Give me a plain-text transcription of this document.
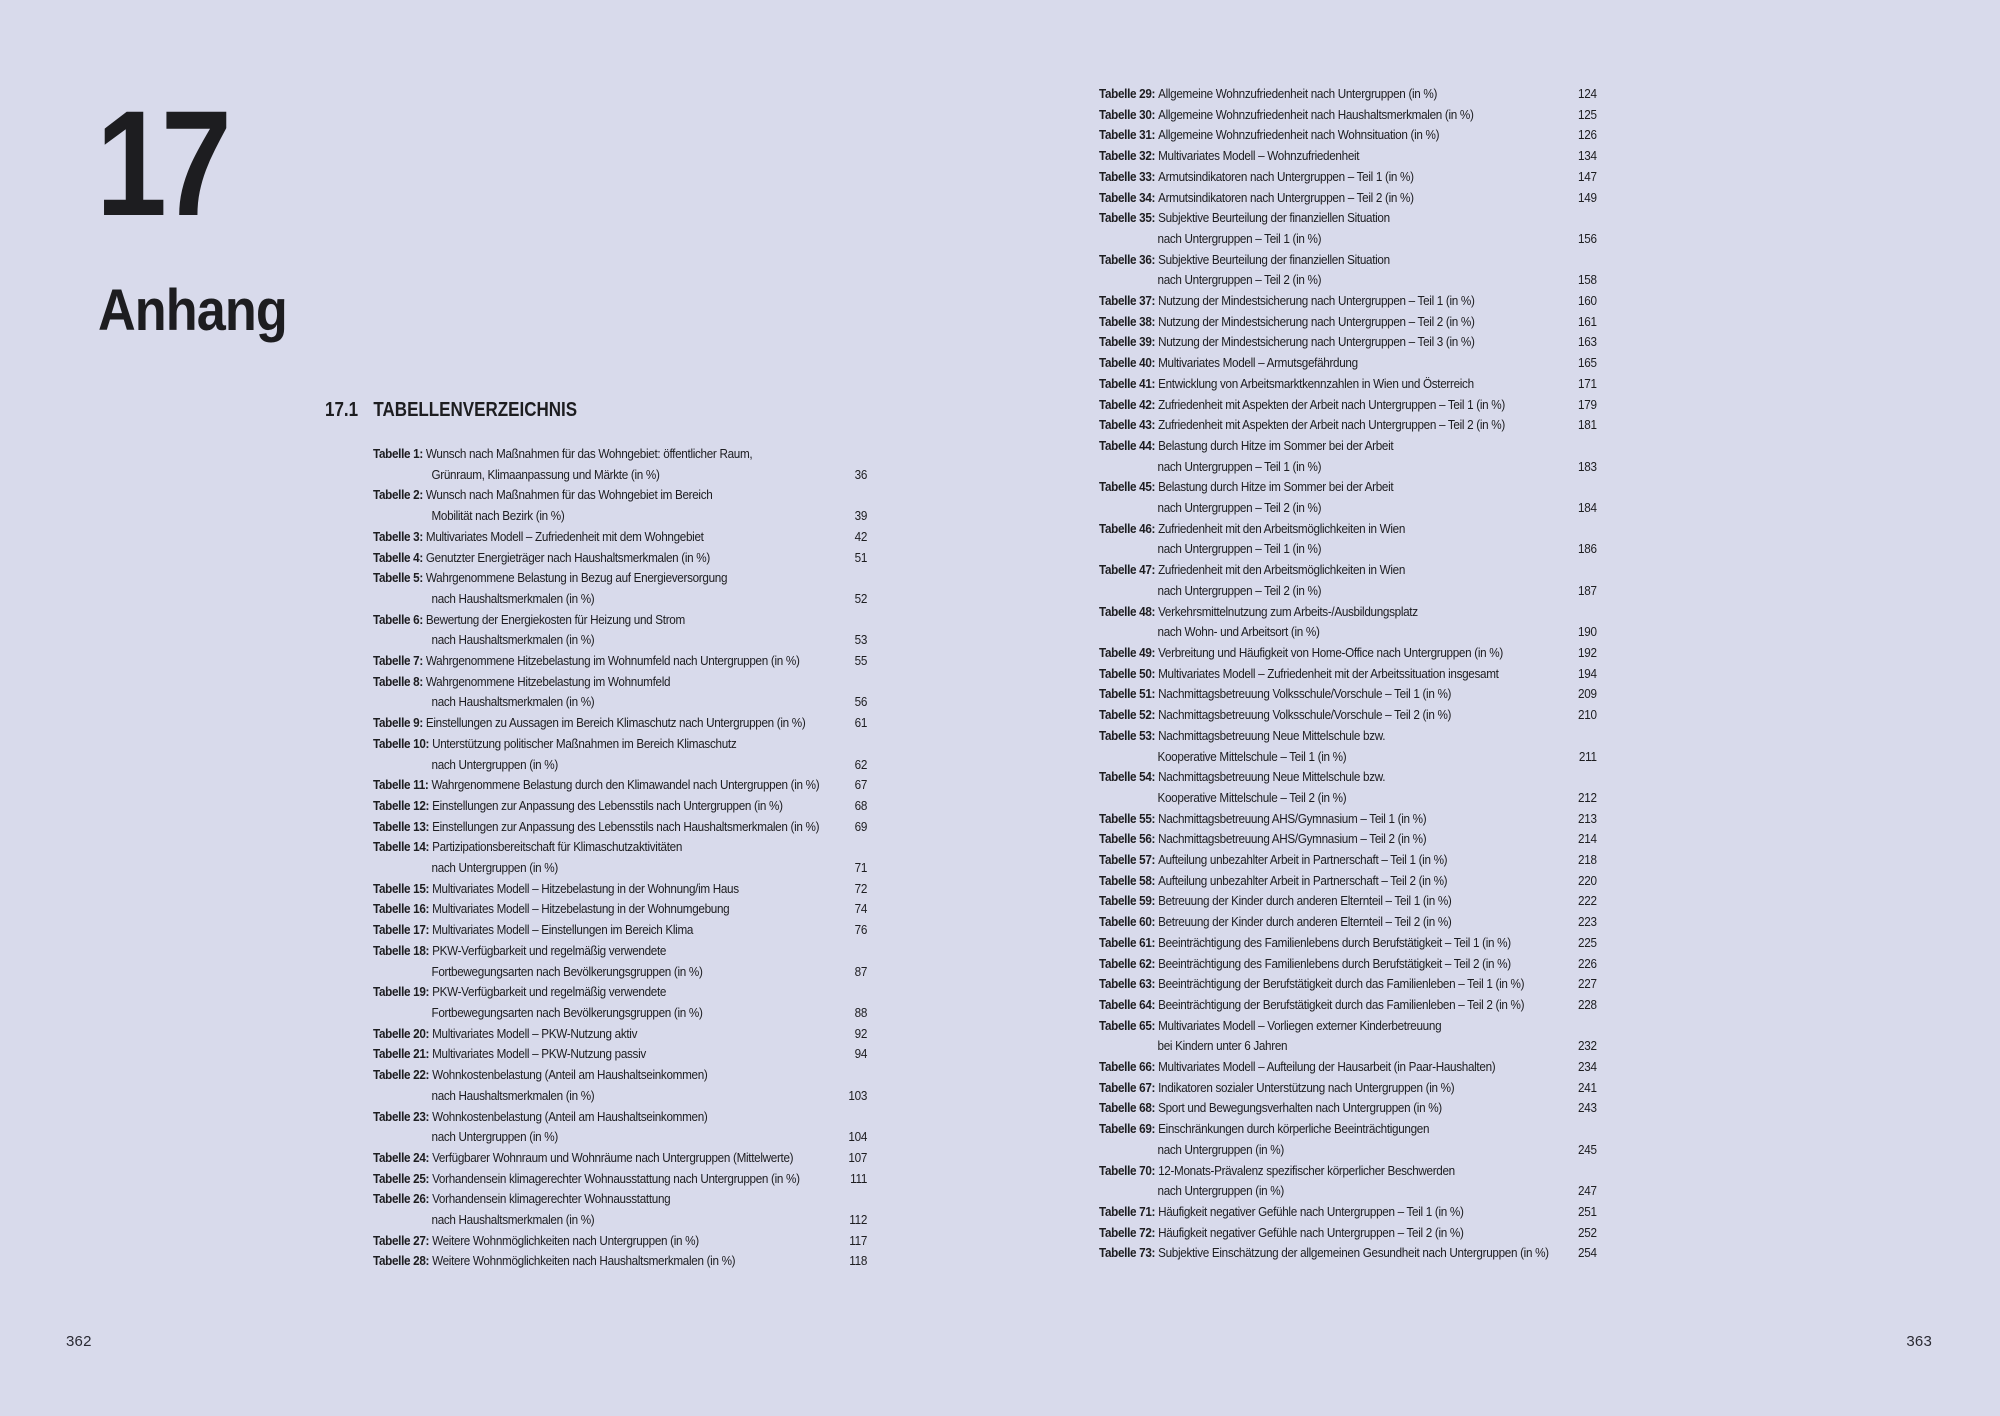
17
Anhang
17.1 TABELLENVERZEICHNIS
Tabelle 1: Wunsch nach Maßnahmen für das Wohngebiet: öffentlicher Raum,
Grünraum, Klimaanpassung und Märkte (in %)	36
Tabelle 2: Wunsch nach Maßnahmen für das Wohngebiet im Bereich
Mobilität nach Bezirk (in %)	39
Tabelle 3: Multivariates Modell – Zufriedenheit mit dem Wohngebiet	42
Tabelle 4: Genutzter Energieträger nach Haushaltsmerkmalen (in %)	51
Tabelle 5: Wahrgenommene Belastung in Bezug auf Energieversorgung
nach Haushaltsmerkmalen (in %)	52
Tabelle 6: Bewertung der Energiekosten für Heizung und Strom
nach Haushaltsmerkmalen (in %)	53
Tabelle 7: Wahrgenommene Hitzebelastung im Wohnumfeld nach Untergruppen (in %)	55
Tabelle 8: Wahrgenommene Hitzebelastung im Wohnumfeld
nach Haushaltsmerkmalen (in %)	56
Tabelle 9: Einstellungen zu Aussagen im Bereich Klimaschutz nach Untergruppen (in %)	61
Tabelle 10: Unterstützung politischer Maßnahmen im Bereich Klimaschutz
nach Untergruppen (in %)	62
Tabelle 11: Wahrgenommene Belastung durch den Klimawandel nach Untergruppen (in %)	67
Tabelle 12: Einstellungen zur Anpassung des Lebensstils nach Untergruppen (in %)	68
Tabelle 13: Einstellungen zur Anpassung des Lebensstils nach Haushaltsmerkmalen (in %)	69
Tabelle 14: Partizipationsbereitschaft für Klimaschutzaktivitäten
nach Untergruppen (in %)	71
Tabelle 15: Multivariates Modell – Hitzebelastung in der Wohnung/im Haus	72
Tabelle 16: Multivariates Modell – Hitzebelastung in der Wohnumgebung	74
Tabelle 17: Multivariates Modell – Einstellungen im Bereich Klima	76
Tabelle 18: PKW-Verfügbarkeit und regelmäßig verwendete
Fortbewegungsarten nach Bevölkerungsgruppen (in %)	87
Tabelle 19: PKW-Verfügbarkeit und regelmäßig verwendete
Fortbewegungsarten nach Bevölkerungsgruppen (in %)	88
Tabelle 20: Multivariates Modell – PKW-Nutzung aktiv	92
Tabelle 21: Multivariates Modell – PKW-Nutzung passiv	94
Tabelle 22: Wohnkostenbelastung (Anteil am Haushaltseinkommen)
nach Haushaltsmerkmalen (in %)	103
Tabelle 23: Wohnkostenbelastung (Anteil am Haushaltseinkommen)
nach Untergruppen (in %)	104
Tabelle 24: Verfügbarer Wohnraum und Wohnräume nach Untergruppen (Mittelwerte)	107
Tabelle 25: Vorhandensein klimagerechter Wohnausstattung nach Untergruppen (in %)	111
Tabelle 26: Vorhandensein klimagerechter Wohnausstattung
nach Haushaltsmerkmalen (in %)	112
Tabelle 27: Weitere Wohnmöglichkeiten nach Untergruppen (in %)	117
Tabelle 28: Weitere Wohnmöglichkeiten nach Haushaltsmerkmalen (in %)	118
Tabelle 29: Allgemeine Wohnzufriedenheit nach Untergruppen (in %)	124
Tabelle 30: Allgemeine Wohnzufriedenheit nach Haushaltsmerkmalen (in %)	125
Tabelle 31: Allgemeine Wohnzufriedenheit nach Wohnsituation (in %)	126
Tabelle 32: Multivariates Modell – Wohnzufriedenheit	134
Tabelle 33: Armutsindikatoren nach Untergruppen – Teil 1 (in %)	147
Tabelle 34: Armutsindikatoren nach Untergruppen – Teil 2 (in %)	149
Tabelle 35: Subjektive Beurteilung der finanziellen Situation
nach Untergruppen – Teil 1 (in %)	156
Tabelle 36: Subjektive Beurteilung der finanziellen Situation
nach Untergruppen – Teil 2 (in %)	158
Tabelle 37: Nutzung der Mindestsicherung nach Untergruppen – Teil 1 (in %)	160
Tabelle 38: Nutzung der Mindestsicherung nach Untergruppen – Teil 2 (in %)	161
Tabelle 39: Nutzung der Mindestsicherung nach Untergruppen – Teil 3 (in %)	163
Tabelle 40: Multivariates Modell – Armutsgefährdung	165
Tabelle 41: Entwicklung von Arbeitsmarktkennzahlen in Wien und Österreich	171
Tabelle 42: Zufriedenheit mit Aspekten der Arbeit nach Untergruppen – Teil 1 (in %)	179
Tabelle 43: Zufriedenheit mit Aspekten der Arbeit nach Untergruppen – Teil 2 (in %)	181
Tabelle 44: Belastung durch Hitze im Sommer bei der Arbeit
nach Untergruppen – Teil 1 (in %)	183
Tabelle 45: Belastung durch Hitze im Sommer bei der Arbeit
nach Untergruppen – Teil 2 (in %)	184
Tabelle 46: Zufriedenheit mit den Arbeitsmöglichkeiten in Wien
nach Untergruppen – Teil 1 (in %)	186
Tabelle 47: Zufriedenheit mit den Arbeitsmöglichkeiten in Wien
nach Untergruppen – Teil 2 (in %)	187
Tabelle 48: Verkehrsmittelnutzung zum Arbeits-/Ausbildungsplatz
nach Wohn- und Arbeitsort (in %)	190
Tabelle 49: Verbreitung und Häufigkeit von Home-Office nach Untergruppen (in %)	192
Tabelle 50: Multivariates Modell – Zufriedenheit mit der Arbeitssituation insgesamt	194
Tabelle 51: Nachmittagsbetreuung Volksschule/Vorschule – Teil 1 (in %)	209
Tabelle 52: Nachmittagsbetreuung Volksschule/Vorschule – Teil 2 (in %)	210
Tabelle 53: Nachmittagsbetreuung Neue Mittelschule bzw.
Kooperative Mittelschule – Teil 1 (in %)	211
Tabelle 54: Nachmittagsbetreuung Neue Mittelschule bzw.
Kooperative Mittelschule – Teil 2 (in %)	212
Tabelle 55: Nachmittagsbetreuung AHS/Gymnasium – Teil 1 (in %)	213
Tabelle 56: Nachmittagsbetreuung AHS/Gymnasium – Teil 2 (in %)	214
Tabelle 57: Aufteilung unbezahlter Arbeit in Partnerschaft – Teil 1 (in %)	218
Tabelle 58: Aufteilung unbezahlter Arbeit in Partnerschaft – Teil 2 (in %)	220
Tabelle 59: Betreuung der Kinder durch anderen Elternteil – Teil 1 (in %)	222
Tabelle 60: Betreuung der Kinder durch anderen Elternteil – Teil 2 (in %)	223
Tabelle 61: Beeinträchtigung des Familienlebens durch Berufstätigkeit – Teil 1 (in %)	225
Tabelle 62: Beeinträchtigung des Familienlebens durch Berufstätigkeit – Teil 2 (in %)	226
Tabelle 63: Beeinträchtigung der Berufstätigkeit durch das Familienleben – Teil 1 (in %)	227
Tabelle 64: Beeinträchtigung der Berufstätigkeit durch das Familienleben – Teil 2 (in %)	228
Tabelle 65: Multivariates Modell – Vorliegen externer Kinderbetreuung
bei Kindern unter 6 Jahren	232
Tabelle 66: Multivariates Modell – Aufteilung der Hausarbeit (in Paar-Haushalten)	234
Tabelle 67: Indikatoren sozialer Unterstützung nach Untergruppen (in %)	241
Tabelle 68: Sport und Bewegungsverhalten nach Untergruppen (in %)	243
Tabelle 69: Einschränkungen durch körperliche Beeinträchtigungen
nach Untergruppen (in %)	245
Tabelle 70: 12-Monats-Prävalenz spezifischer körperlicher Beschwerden
nach Untergruppen (in %)	247
Tabelle 71: Häufigkeit negativer Gefühle nach Untergruppen – Teil 1 (in %)	251
Tabelle 72: Häufigkeit negativer Gefühle nach Untergruppen – Teil 2 (in %)	252
Tabelle 73: Subjektive Einschätzung der allgemeinen Gesundheit nach Untergruppen (in %)	254
362	363
